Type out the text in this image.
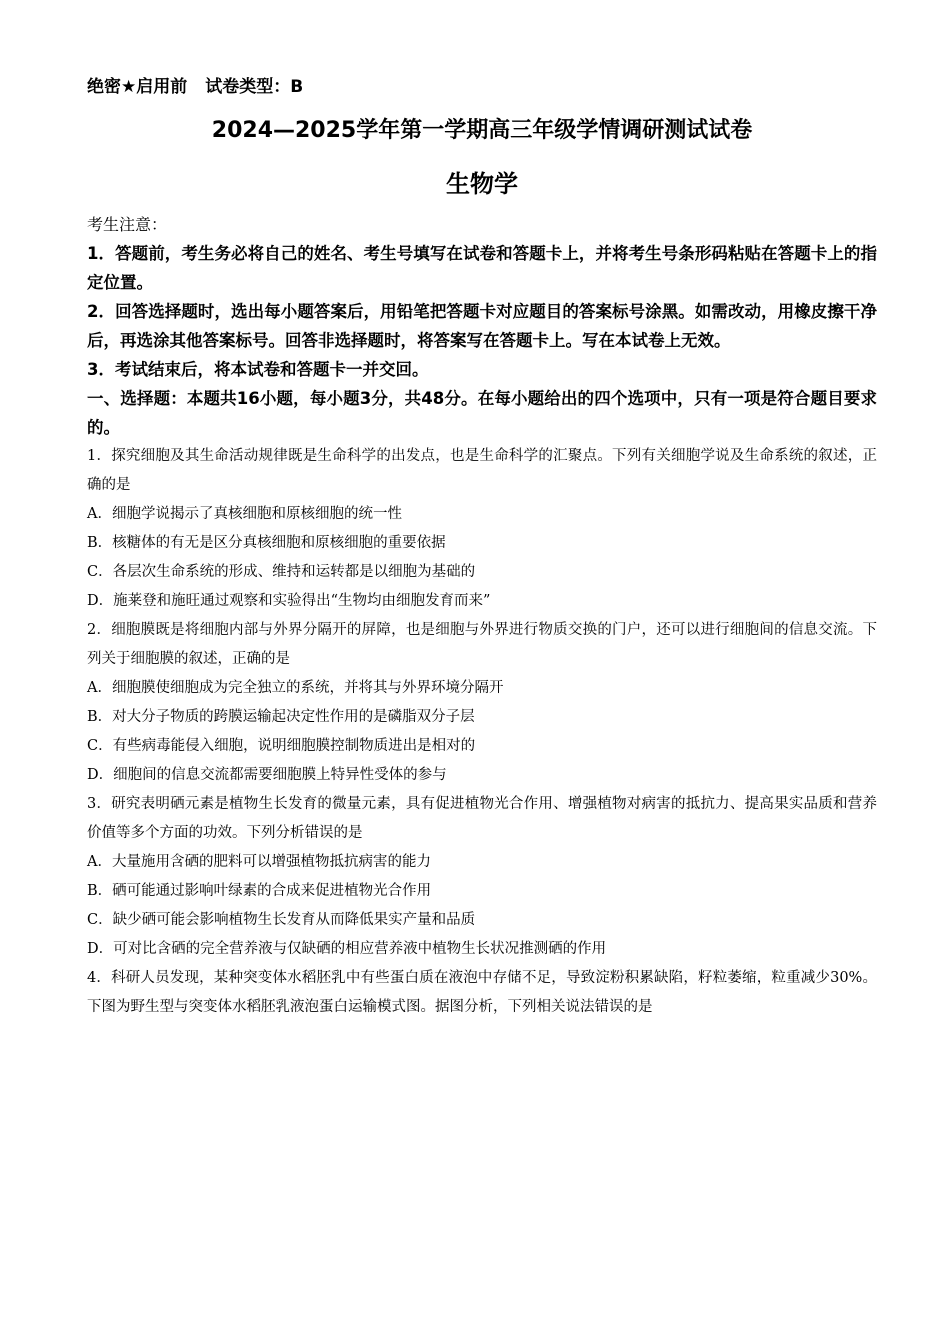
绝密★启用前 试卷类型：B
2024—2025学年第一学期高三年级学情调研测试试卷
生物学
考生注意：
1．答题前，考生务必将自己的姓名、考生号填写在试卷和答题卡上，并将考生号条形码粘贴在答题卡上的指定位置。
2．回答选择题时，选出每小题答案后，用铅笔把答题卡对应题目的答案标号涂黑。如需改动，用橡皮擦干净后，再选涂其他答案标号。回答非选择题时，将答案写在答题卡上。写在本试卷上无效。
3．考试结束后，将本试卷和答题卡一并交回。
一、选择题：本题共16小题，每小题3分，共48分。在每小题给出的四个选项中，只有一项是符合题目要求的。
1．探究细胞及其生命活动规律既是生命科学的出发点，也是生命科学的汇聚点。下列有关细胞学说及生命系统的叙述，正确的是
A．细胞学说揭示了真核细胞和原核细胞的统一性
B．核糖体的有无是区分真核细胞和原核细胞的重要依据
C．各层次生命系统的形成、维持和运转都是以细胞为基础的
D．施莱登和施旺通过观察和实验得出“生物均由细胞发育而来”
2．细胞膜既是将细胞内部与外界分隔开的屏障，也是细胞与外界进行物质交换的门户，还可以进行细胞间的信息交流。下列关于细胞膜的叙述，正确的是
A．细胞膜使细胞成为完全独立的系统，并将其与外界环境分隔开
B．对大分子物质的跨膜运输起决定性作用的是磷脂双分子层
C．有些病毒能侵入细胞，说明细胞膜控制物质进出是相对的
D．细胞间的信息交流都需要细胞膜上特异性受体的参与
3．研究表明硒元素是植物生长发育的微量元素，具有促进植物光合作用、增强植物对病害的抵抗力、提高果实品质和营养价值等多个方面的功效。下列分析错误的是
A．大量施用含硒的肥料可以增强植物抵抗病害的能力
B．硒可能通过影响叶绿素的合成来促进植物光合作用
C．缺少硒可能会影响植物生长发育从而降低果实产量和品质
D．可对比含硒的完全营养液与仅缺硒的相应营养液中植物生长状况推测硒的作用
4．科研人员发现，某种突变体水稻胚乳中有些蛋白质在液泡中存储不足，导致淀粉积累缺陷，籽粒萎缩，粒重减少30%。下图为野生型与突变体水稻胚乳液泡蛋白运输模式图。据图分析，下列相关说法错误的是
